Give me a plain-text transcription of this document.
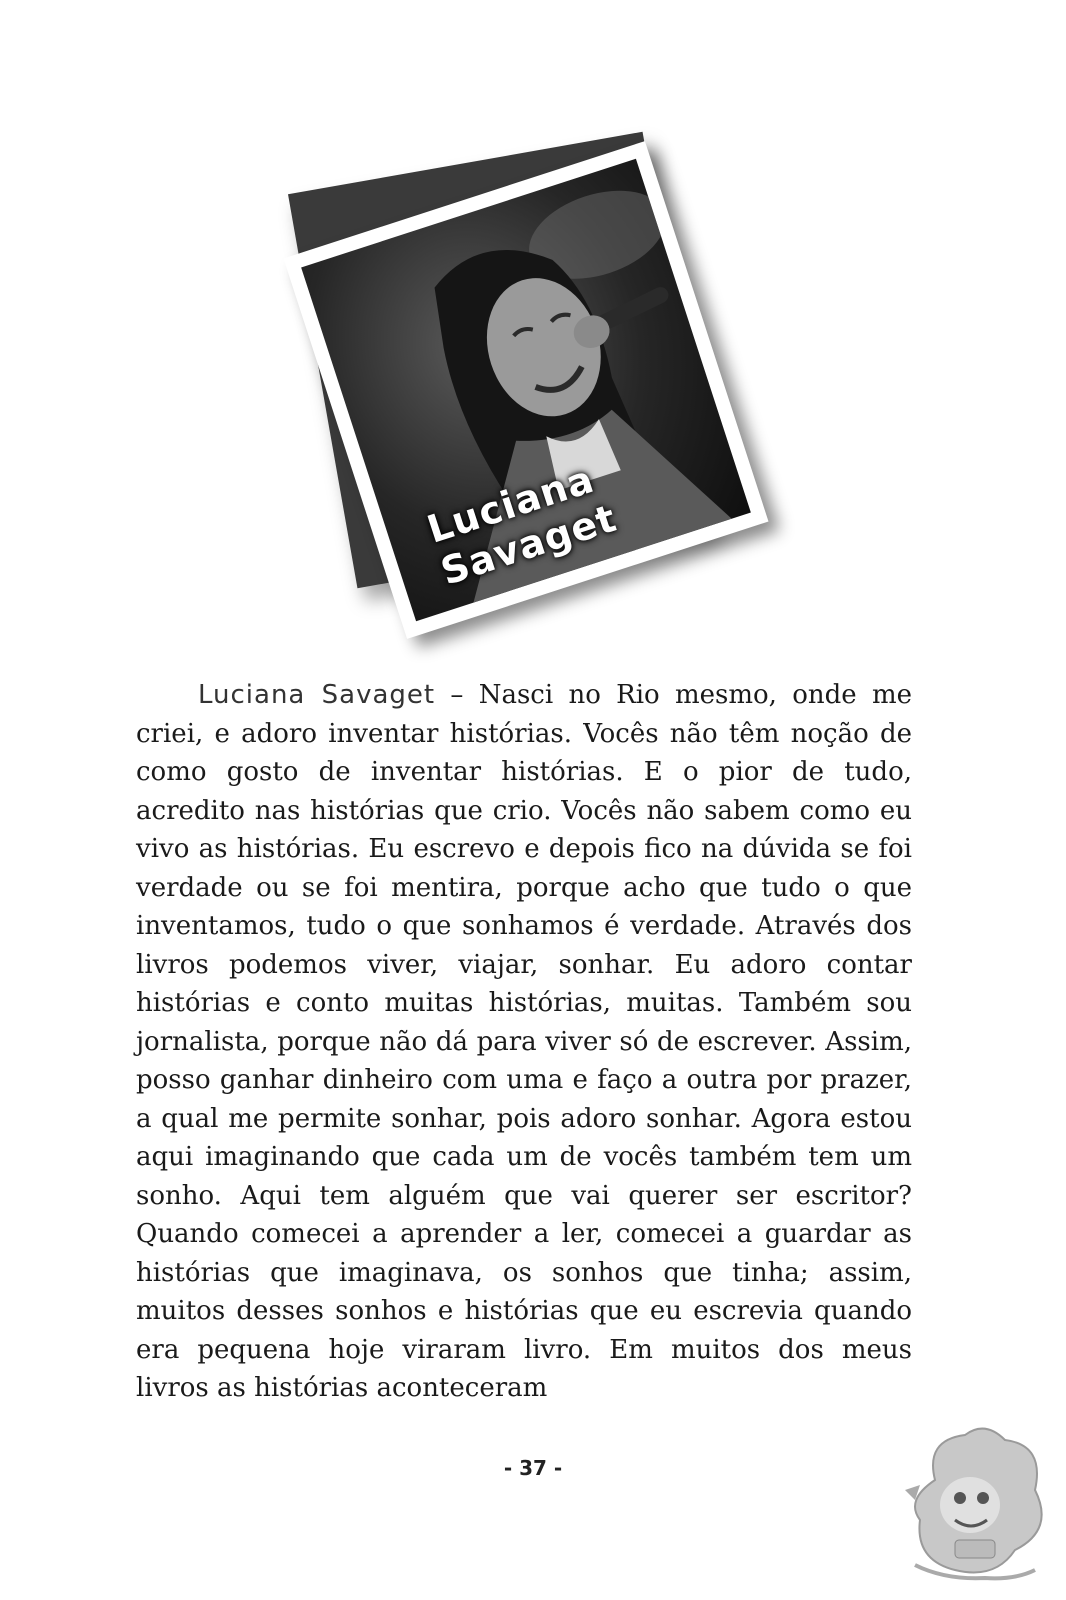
Luciana Savaget

Luciana Savaget – Nasci no Rio mesmo, onde me criei, e adoro inventar histórias. Vocês não têm noção de como gosto de inventar histórias. E o pior de tudo, acredito nas histórias que crio. Vocês não sabem como eu vivo as histórias. Eu escrevo e depois fico na dúvida se foi verdade ou se foi mentira, porque acho que tudo o que inventamos, tudo o que sonhamos é verdade. Através dos livros podemos viver, viajar, sonhar. Eu adoro contar histórias e conto muitas histórias, muitas. Também sou jornalista, porque não dá para viver só de escrever. Assim, posso ganhar dinheiro com uma e faço a outra por prazer, a qual me permite sonhar, pois adoro sonhar. Agora estou aqui imaginando que cada um de vocês também tem um sonho. Aqui tem alguém que vai querer ser escritor? Quando comecei a aprender a ler, comecei a guardar as histórias que imaginava, os sonhos que tinha; assim, muitos desses sonhos e histórias que eu escrevia quando era pequena hoje viraram livro. Em muitos dos meus livros as histórias aconteceram

- 37 -
